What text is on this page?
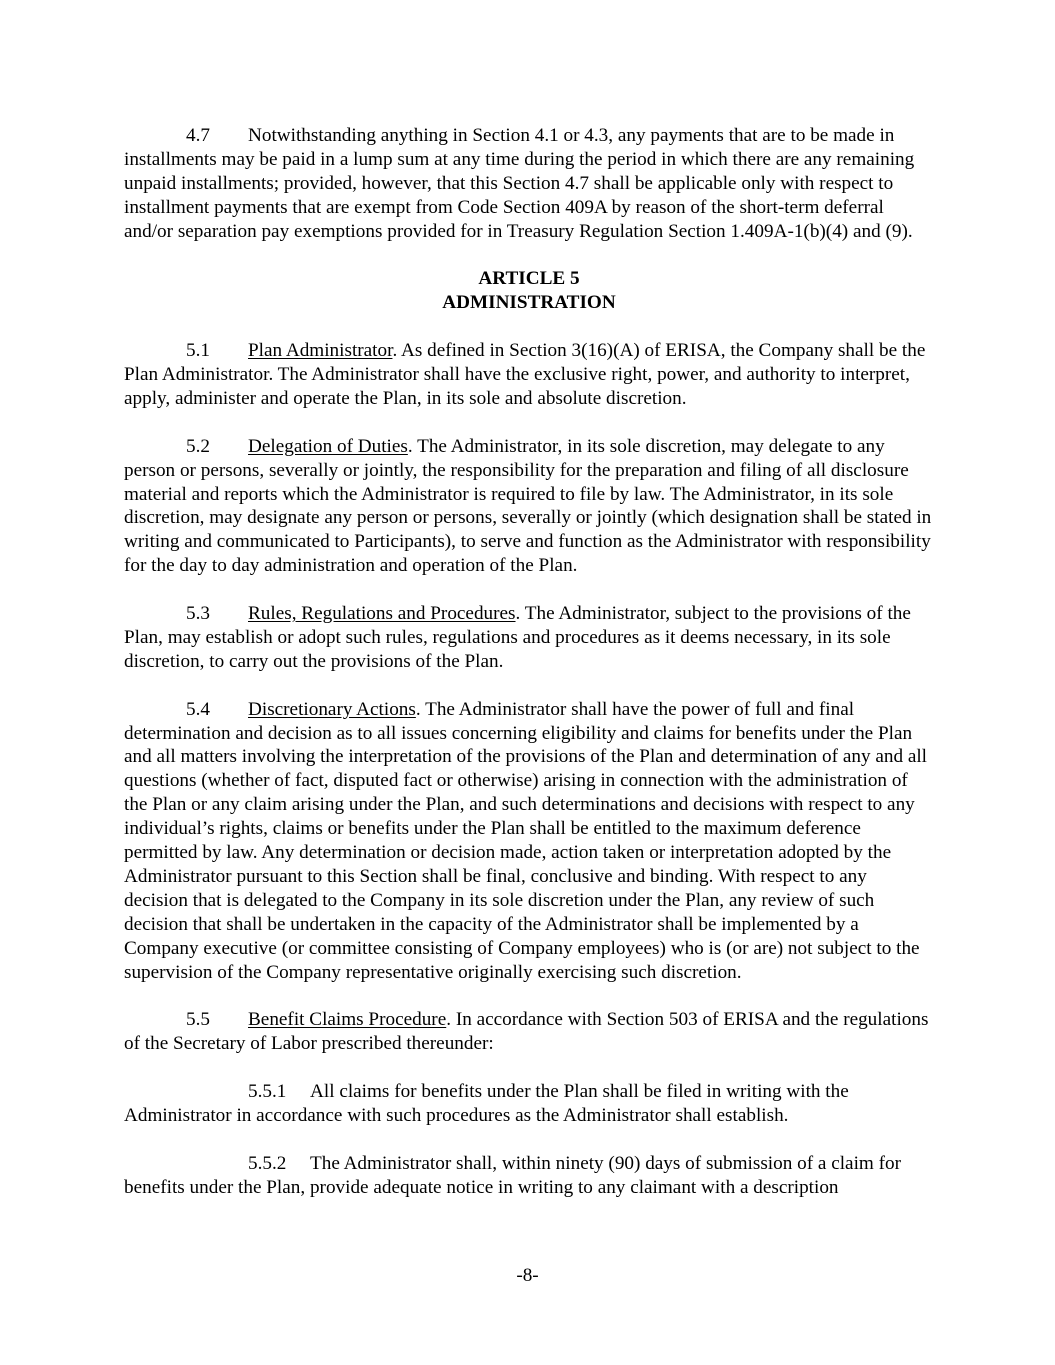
4.7 Notwithstanding anything in Section 4.1 or 4.3, any payments that are to be made in installments may be paid in a lump sum at any time during the period in which there are any remaining unpaid installments; provided, however, that this Section 4.7 shall be applicable only with respect to installment payments that are exempt from Code Section 409A by reason of the short-term deferral and/or separation pay exemptions provided for in Treasury Regulation Section 1.409A-1(b)(4) and (9).

ARTICLE 5
ADMINISTRATION

5.1 Plan Administrator. As defined in Section 3(16)(A) of ERISA, the Company shall be the Plan Administrator. The Administrator shall have the exclusive right, power, and authority to interpret, apply, administer and operate the Plan, in its sole and absolute discretion.

5.2 Delegation of Duties. The Administrator, in its sole discretion, may delegate to any person or persons, severally or jointly, the responsibility for the preparation and filing of all disclosure material and reports which the Administrator is required to file by law. The Administrator, in its sole discretion, may designate any person or persons, severally or jointly (which designation shall be stated in writing and communicated to Participants), to serve and function as the Administrator with responsibility for the day to day administration and operation of the Plan.

5.3 Rules, Regulations and Procedures. The Administrator, subject to the provisions of the Plan, may establish or adopt such rules, regulations and procedures as it deems necessary, in its sole discretion, to carry out the provisions of the Plan.

5.4 Discretionary Actions. The Administrator shall have the power of full and final determination and decision as to all issues concerning eligibility and claims for benefits under the Plan and all matters involving the interpretation of the provisions of the Plan and determination of any and all questions (whether of fact, disputed fact or otherwise) arising in connection with the administration of the Plan or any claim arising under the Plan, and such determinations and decisions with respect to any individual’s rights, claims or benefits under the Plan shall be entitled to the maximum deference permitted by law. Any determination or decision made, action taken or interpretation adopted by the Administrator pursuant to this Section shall be final, conclusive and binding. With respect to any decision that is delegated to the Company in its sole discretion under the Plan, any review of such decision that shall be undertaken in the capacity of the Administrator shall be implemented by a Company executive (or committee consisting of Company employees) who is (or are) not subject to the supervision of the Company representative originally exercising such discretion.

5.5 Benefit Claims Procedure. In accordance with Section 503 of ERISA and the regulations of the Secretary of Labor prescribed thereunder:

5.5.1 All claims for benefits under the Plan shall be filed in writing with the Administrator in accordance with such procedures as the Administrator shall establish.

5.5.2 The Administrator shall, within ninety (90) days of submission of a claim for benefits under the Plan, provide adequate notice in writing to any claimant with a description

-8-
